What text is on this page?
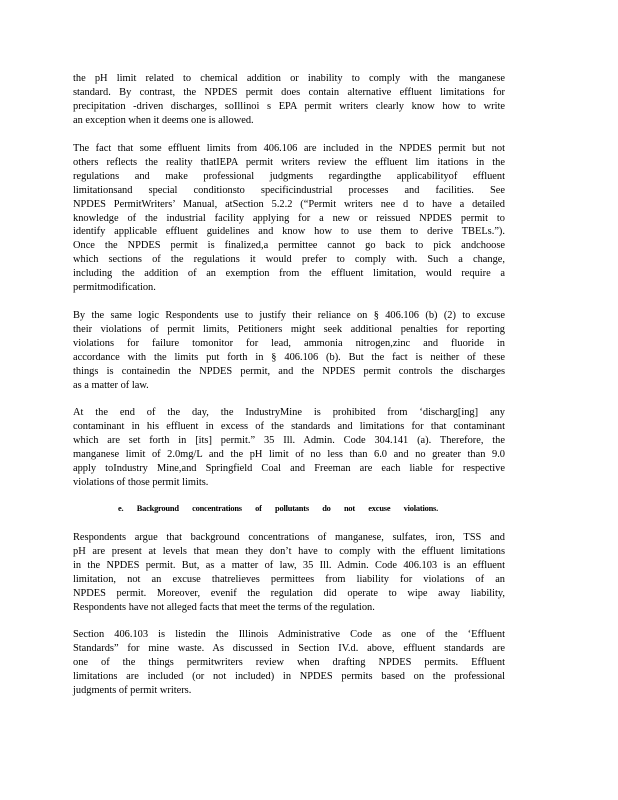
the pH limit related to chemical addition or inability to comply with the manganese
standard. By contrast, the NPDES permit does contain alternative effluent limitations for
precipitation -driven discharges, soIllinoi s EPA permit writers clearly know how to write
an exception when it deems one is allowed.
The fact that some effluent limits from 406.106 are included in the NPDES permit but not
others reflects the reality thatIEPA permit writers review the effluent lim itations in the
regulations and make professional judgments regardingthe applicabilityof effluent
limitationsand special conditionsto specificindustrial processes and facilities. See
NPDES PermitWriters’ Manual, atSection 5.2.2 (“Permit writers nee d to have a detailed
knowledge of the industrial facility applying for a new or reissued NPDES permit to
identify applicable effluent guidelines and know how to use them to derive TBELs.”).
Once the NPDES permit is finalized,a permittee cannot go back to pick andchoose
which sections of the regulations it would prefer to comply with. Such a change,
including the addition of an exemption from the effluent limitation, would require a
permitmodification.
By the same logic Respondents use to justify their reliance on § 406.106 (b) (2) to excuse
their violations of permit limits, Petitioners might seek additional penalties for reporting
violations for failure tomonitor for lead, ammonia nitrogen,zinc and fluoride in
accordance with the limits put forth in § 406.106 (b). But the fact is neither of these
things is containedin the NPDES permit, and the NPDES permit controls the discharges
as a matter of law.
At the end of the day, the IndustryMine is prohibited from ‘discharg[ing] any
contaminant in his effluent in excess of the standards and limitations for that contaminant
which are set forth in [its] permit.” 35 Ill. Admin. Code 304.141 (a). Therefore, the
manganese limit of 2.0mg/L and the pH limit of no less than 6.0 and no greater than 9.0
apply toIndustry Mine,and Springfield Coal and Freeman are each liable for respective
violations of those permit limits.
e. Background concentrations of pollutants do not excuse violations.
Respondents argue that background concentrations of manganese, sulfates, iron, TSS and
pH are present at levels that mean they don’t have to comply with the effluent limitations
in the NPDES permit. But, as a matter of law, 35 Ill. Admin. Code 406.103 is an effluent
limitation, not an excuse thatrelieves permittees from liability for violations of an
NPDES permit. Moreover, evenif the regulation did operate to wipe away liability,
Respondents have not alleged facts that meet the terms of the regulation.
Section 406.103 is listedin the Illinois Administrative Code as one of the ‘Effluent
Standards” for mine waste. As discussed in Section IV.d. above, effluent standards are
one of the things permitwriters review when drafting NPDES permits. Effluent
limitations are included (or not included) in NPDES permits based on the professional
judgments of permit writers.
